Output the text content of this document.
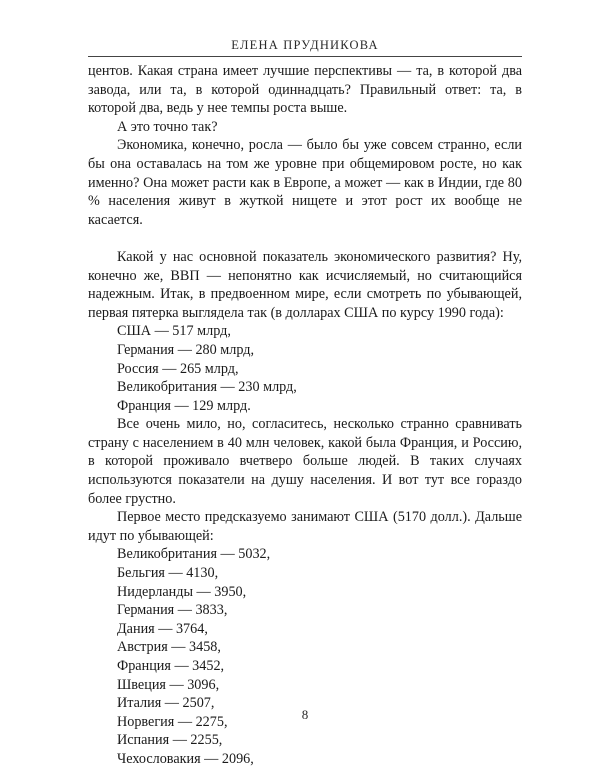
ЕЛЕНА ПРУДНИКОВА

центов. Какая страна имеет лучшие перспективы — та, в которой два завода, или та, в которой одиннадцать? Правильный ответ: та, в которой два, ведь у нее темпы роста выше.

А это точно так?

Экономика, конечно, росла — было бы уже совсем странно, если бы она оставалась на том же уровне при общемировом росте, но как именно? Она может расти как в Европе, а может — как в Индии, где 80 % населения живут в жуткой нищете и этот рост их вообще не касается.

Какой у нас основной показатель экономического развития? Ну, конечно же, ВВП — непонятно как исчисляемый, но считающийся надежным. Итак, в предвоенном мире, если смотреть по убывающей, первая пятерка выглядела так (в долларах США по курсу 1990 года):

США — 517 млрд,
Германия — 280 млрд,
Россия — 265 млрд,
Великобритания — 230 млрд,
Франция — 129 млрд.

Все очень мило, но, согласитесь, несколько странно сравнивать страну с населением в 40 млн человек, какой была Франция, и Россию, в которой проживало вчетверо больше людей. В таких случаях используются показатели на душу населения. И вот тут все гораздо более грустно.

Первое место предсказуемо занимают США (5170 долл.). Дальше идут по убывающей:

Великобритания — 5032,
Бельгия — 4130,
Нидерланды — 3950,
Германия — 3833,
Дания — 3764,
Австрия — 3458,
Франция — 3452,
Швеция — 3096,
Италия — 2507,
Норвегия — 2275,
Испания — 2255,
Чехословакия — 2096,
8
